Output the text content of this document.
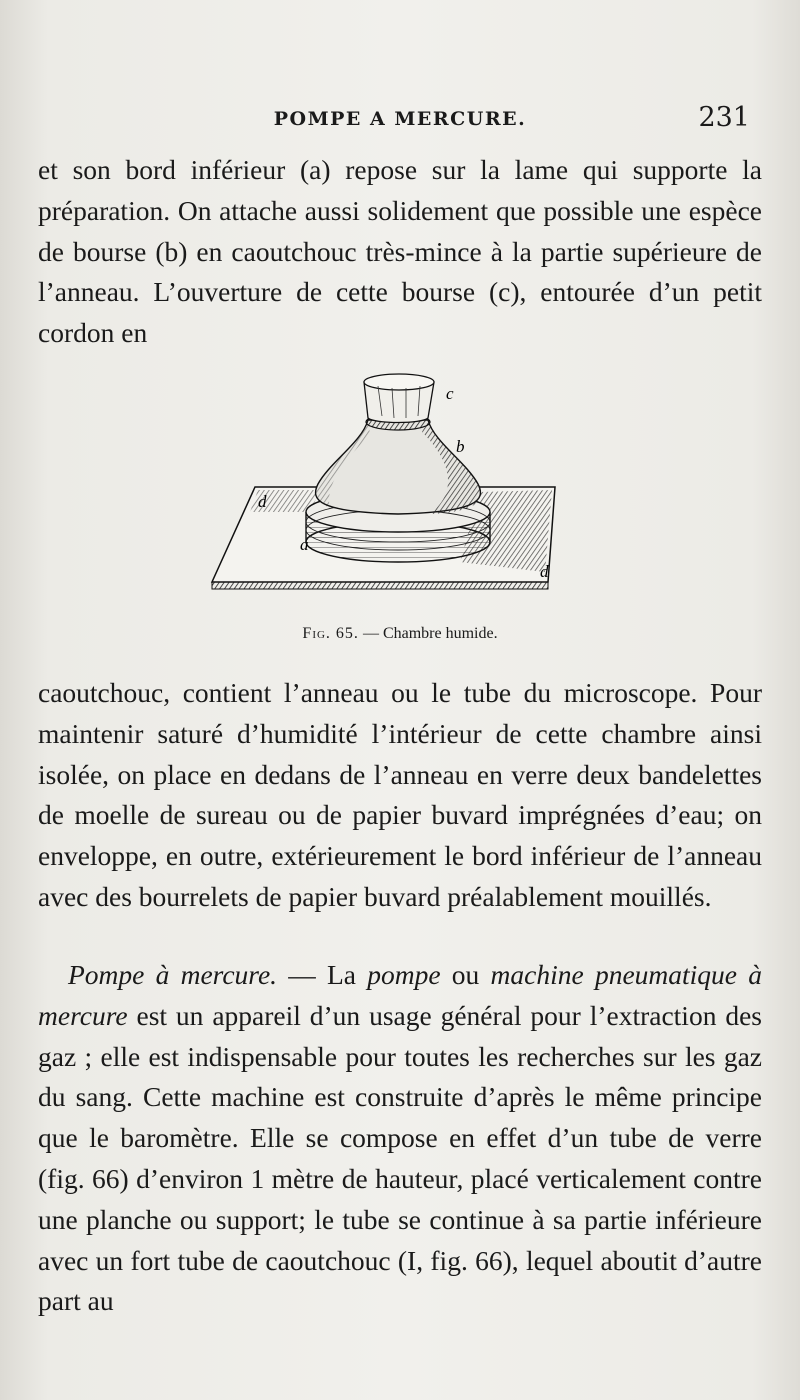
POMPE A MERCURE.	231

et son bord inférieur (a) repose sur la lame qui supporte la préparation. On attache aussi solidement que possible une espèce de bourse (b) en caoutchouc très-mince à la partie supérieure de l’anneau. L’ouverture de cette bourse (c), entourée d’un petit cordon en

c
b
d
a
d
Fig. 65. — Chambre humide.

caoutchouc, contient l’anneau ou le tube du microscope. Pour maintenir saturé d’humidité l’intérieur de cette chambre ainsi isolée, on place en dedans de l’anneau en verre deux bandelettes de moelle de sureau ou de papier buvard imprégnées d’eau; on enveloppe, en outre, extérieurement le bord inférieur de l’anneau avec des bourrelets de papier buvard préalablement mouillés.

Pompe à mercure. — La pompe ou machine pneumatique à mercure est un appareil d’un usage général pour l’extraction des gaz ; elle est indispensable pour toutes les recherches sur les gaz du sang. Cette machine est construite d’après le même principe que le baromètre. Elle se compose en effet d’un tube de verre (fig. 66) d’environ 1 mètre de hauteur, placé verticalement contre une planche ou support; le tube se continue à sa partie inférieure avec un fort tube de caoutchouc (I, fig. 66), lequel aboutit d’autre part au
